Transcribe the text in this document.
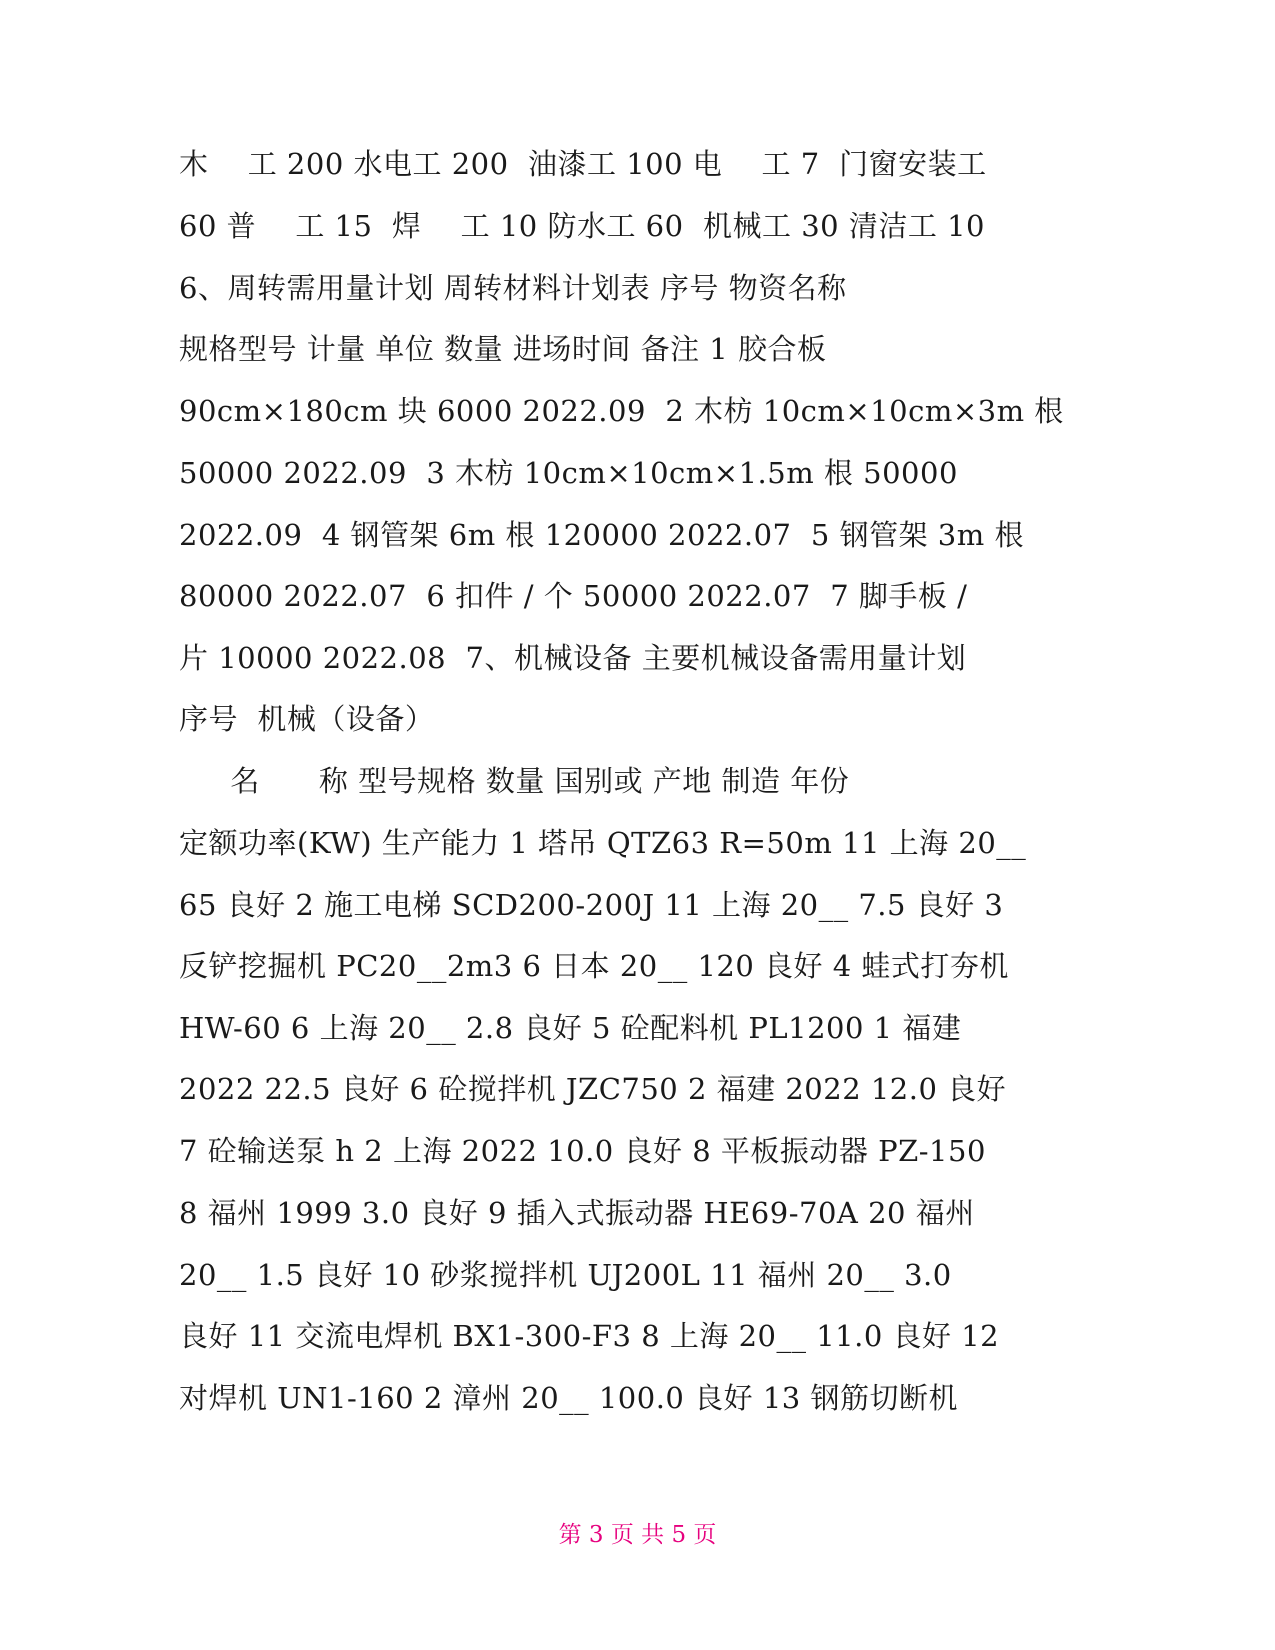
木　 工 200 水电工 200  油漆工 100 电　 工 7  门窗安装工
60 普　 工 15  焊　 工 10 防水工 60  机械工 30 清洁工 10
6、周转需用量计划 周转材料计划表 序号 物资名称
规格型号 计量 单位 数量 进场时间 备注 1 胶合板
90cm×180cm 块 6000 2022.09  2 木枋 10cm×10cm×3m 根
50000 2022.09  3 木枋 10cm×10cm×1.5m 根 50000
2022.09  4 钢管架 6m 根 120000 2022.07  5 钢管架 3m 根
80000 2022.07  6 扣件 / 个 50000 2022.07  7 脚手板 /
片 10000 2022.08  7、机械设备 主要机械设备需用量计划
序号  机械（设备）
名　　称 型号规格 数量 国别或 产地 制造 年份
定额功率(KW) 生产能力 1 塔吊 QTZ63 R=50m 11 上海 20__
65 良好 2 施工电梯 SCD200-200J 11 上海 20__ 7.5 良好 3
反铲挖掘机 PC20__2m3 6 日本 20__ 120 良好 4 蛙式打夯机
HW-60 6 上海 20__ 2.8 良好 5 砼配料机 PL1200 1 福建
2022 22.5 良好 6 砼搅拌机 JZC750 2 福建 2022 12.0 良好
7 砼输送泵 h 2 上海 2022 10.0 良好 8 平板振动器 PZ-150
8 福州 1999 3.0 良好 9 插入式振动器 HE69-70A 20 福州
20__ 1.5 良好 10 砂浆搅拌机 UJ200L 11 福州 20__ 3.0
良好 11 交流电焊机 BX1-300-F3 8 上海 20__ 11.0 良好 12
对焊机 UN1-160 2 漳州 20__ 100.0 良好 13 钢筋切断机
第 3 页 共 5 页
